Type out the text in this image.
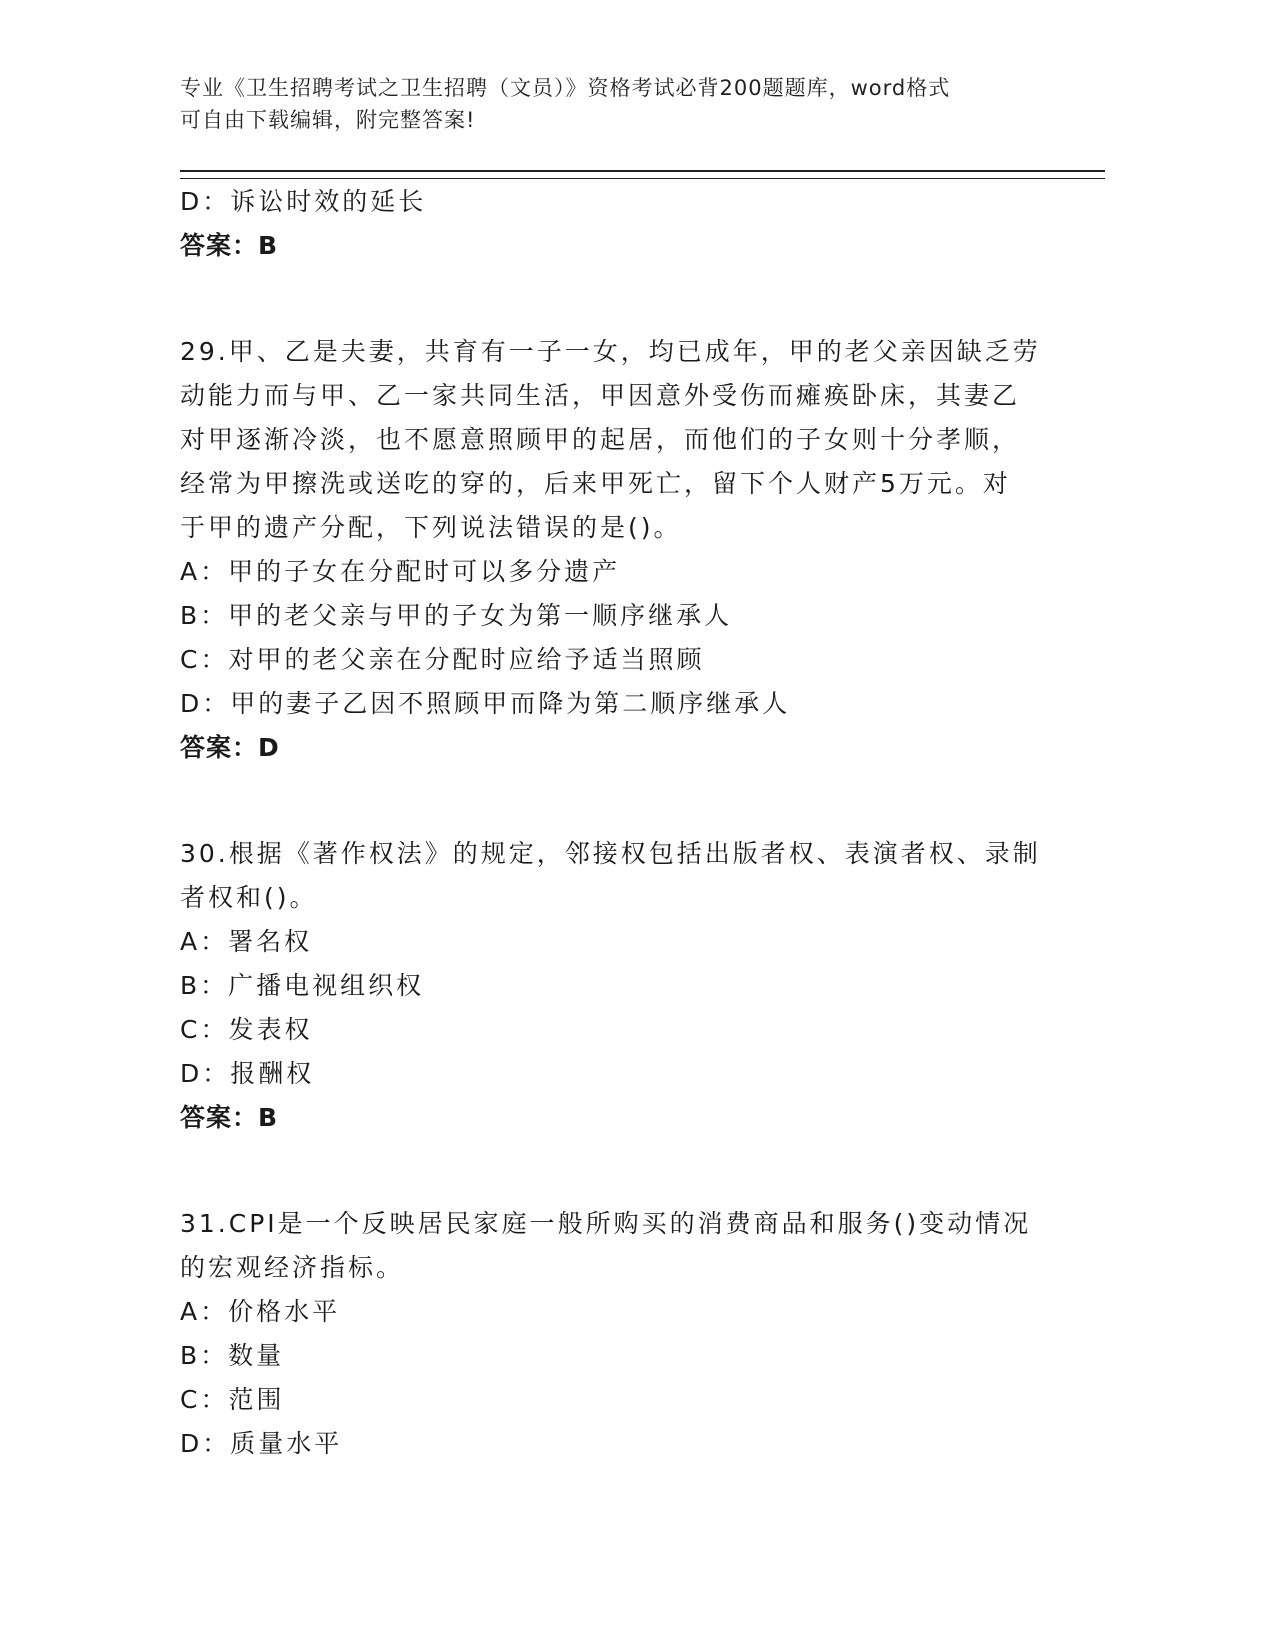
专业《卫生招聘考试之卫生招聘（文员）》资格考试必背200题题库，word格式
可自由下载编辑，附完整答案!
D：诉讼时效的延长
答案：B
29.甲、乙是夫妻，共育有一子一女，均已成年，甲的老父亲因缺乏劳
动能力而与甲、乙一家共同生活，甲因意外受伤而瘫痪卧床，其妻乙
对甲逐渐冷淡，也不愿意照顾甲的起居，而他们的子女则十分孝顺，
经常为甲擦洗或送吃的穿的，后来甲死亡，留下个人财产5万元。对
于甲的遗产分配，下列说法错误的是()。
A：甲的子女在分配时可以多分遗产
B：甲的老父亲与甲的子女为第一顺序继承人
C：对甲的老父亲在分配时应给予适当照顾
D：甲的妻子乙因不照顾甲而降为第二顺序继承人
答案：D
30.根据《著作权法》的规定，邻接权包括出版者权、表演者权、录制
者权和()。
A：署名权
B：广播电视组织权
C：发表权
D：报酬权
答案：B
31.CPI是一个反映居民家庭一般所购买的消费商品和服务()变动情况
的宏观经济指标。
A：价格水平
B：数量
C：范围
D：质量水平
